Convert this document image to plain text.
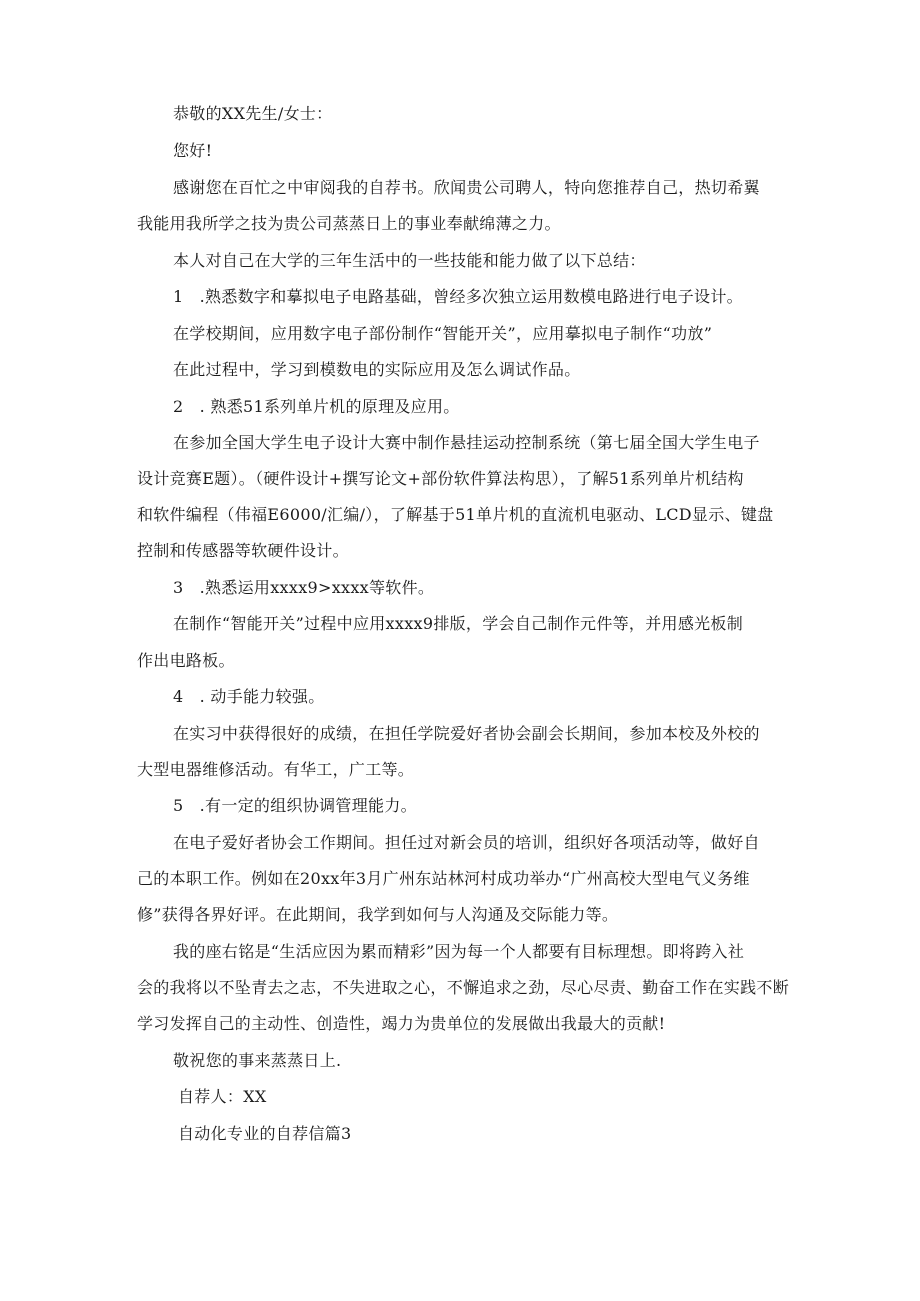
恭敬的XX先生/女士：
您好!
感谢您在百忙之中审阅我的自荐书。欣闻贵公司聘人，特向您推荐自己，热切希翼
我能用我所学之技为贵公司蒸蒸日上的事业奉献绵薄之力。
本人对自己在大学的三年生活中的一些技能和能力做了以下总结：
1   .熟悉数字和摹拟电子电路基础，曾经多次独立运用数模电路进行电子设计。
在学校期间，应用数字电子部份制作“智能开关”，应用摹拟电子制作“功放”
在此过程中，学习到模数电的实际应用及怎么调试作品。
2   . 熟悉51系列单片机的原理及应用。
在参加全国大学生电子设计大赛中制作悬挂运动控制系统（第七届全国大学生电子
设计竞赛E题）。（硬件设计+撰写论文+部份软件算法构思），了解51系列单片机结构
和软件编程（伟福E6000/汇编/），了解基于51单片机的直流机电驱动、LCD显示、键盘
控制和传感器等软硬件设计。
3   .熟悉运用xxxx9>xxxx等软件。
在制作“智能开关”过程中应用xxxx9排版，学会自己制作元件等，并用感光板制
作出电路板。
4   . 动手能力较强。
在实习中获得很好的成绩，在担任学院爱好者协会副会长期间，参加本校及外校的
大型电器维修活动。有华工，广工等。
5   .有一定的组织协调管理能力。
在电子爱好者协会工作期间。担任过对新会员的培训，组织好各项活动等，做好自
己的本职工作。例如在20xx年3月广州东站林河村成功举办“广州高校大型电气义务维
修”获得各界好评。在此期间，我学到如何与人沟通及交际能力等。
我的座右铭是“生活应因为累而精彩”因为每一个人都要有目标理想。即将跨入社
会的我将以不坠青去之志，不失进取之心，不懈追求之劲，尽心尽责、勤奋工作在实践不断
学习发挥自己的主动性、创造性，竭力为贵单位的发展做出我最大的贡献!
敬祝您的事来蒸蒸日上.
自荐人：XX
自动化专业的自荐信篇3
